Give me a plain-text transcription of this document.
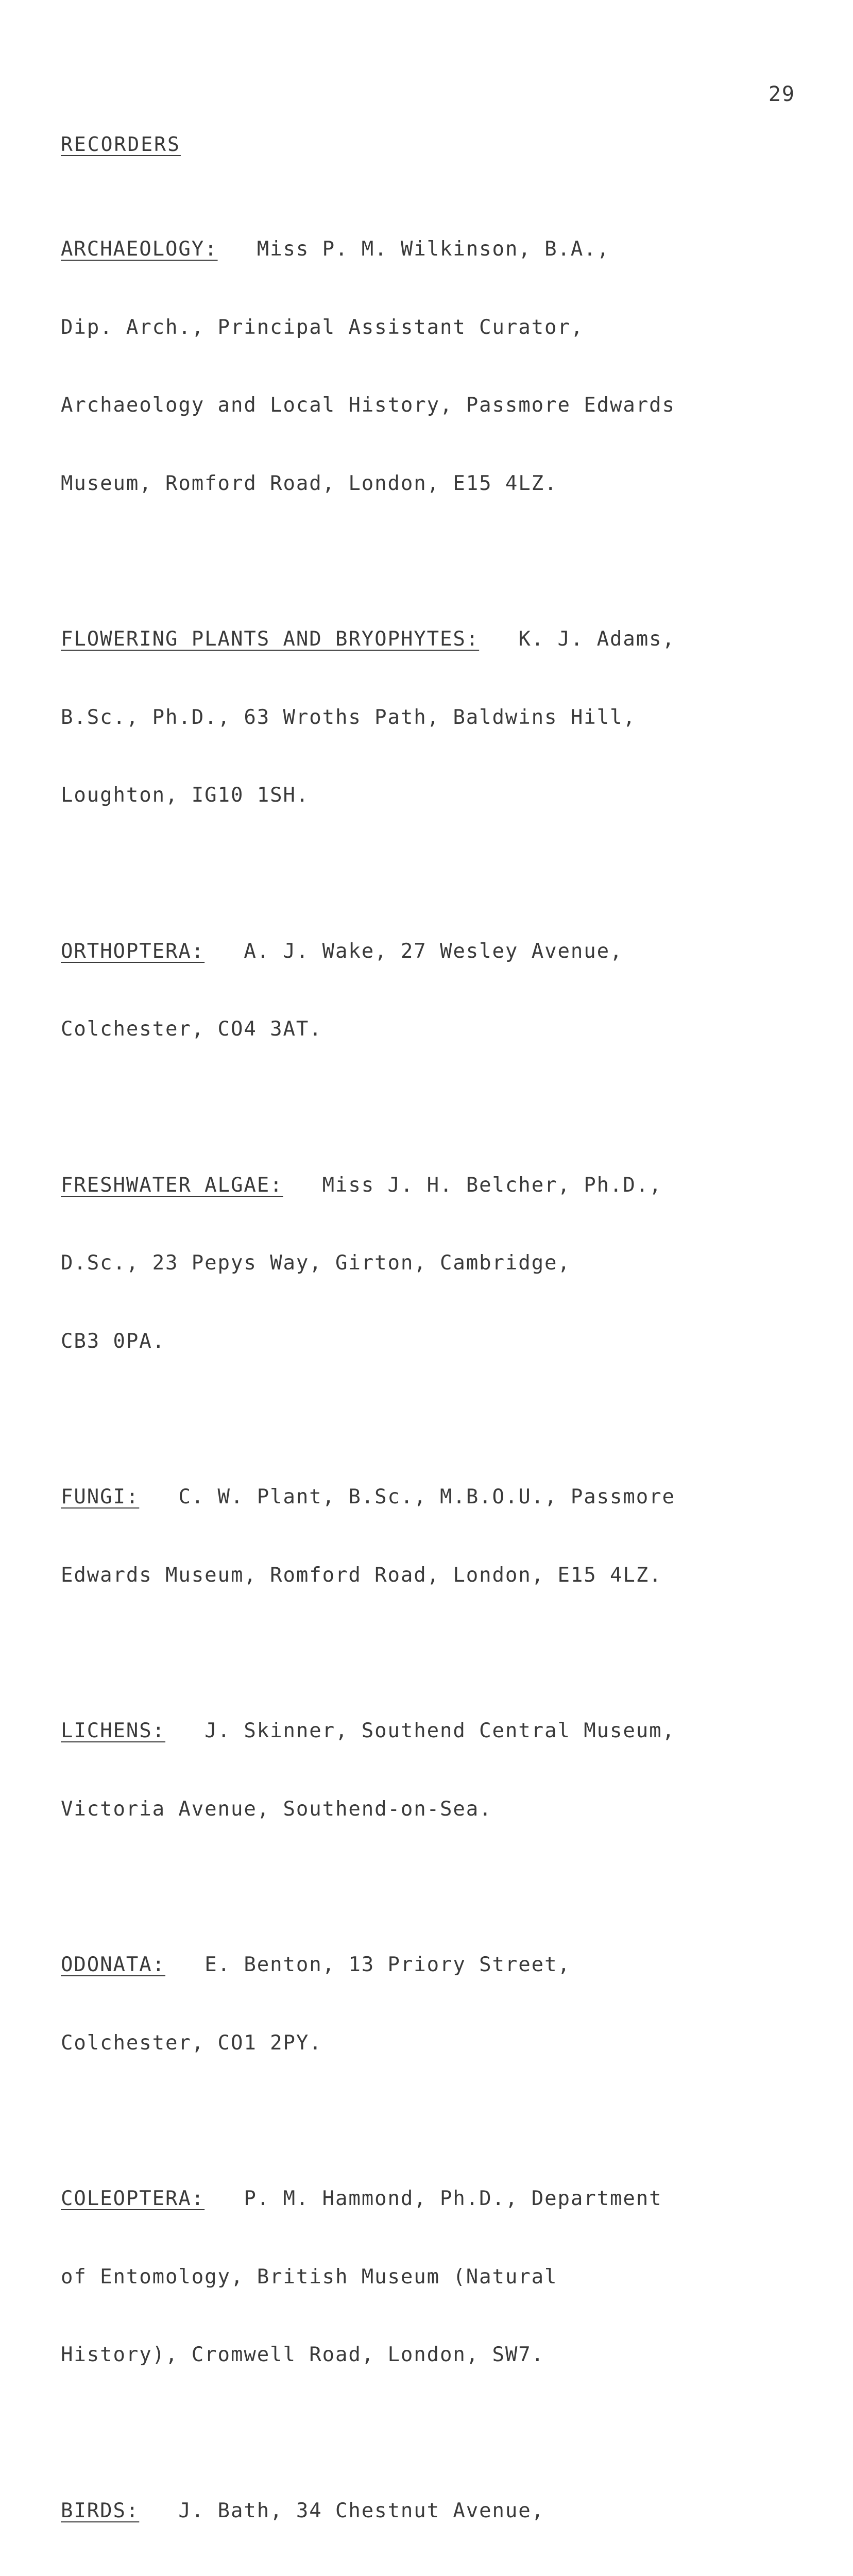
29
RECORDERS

ARCHAEOLOGY: Miss P. M. Wilkinson, B.A.,

Dip. Arch., Principal Assistant Curator,

Archaeology and Local History, Passmore Edwards

Museum, Romford Road, London, E15 4LZ.

FLOWERING PLANTS AND BRYOPHYTES: K. J. Adams,

B.Sc., Ph.D., 63 Wroths Path, Baldwins Hill,

Loughton, IG10 1SH.

ORTHOPTERA: A. J. Wake, 27 Wesley Avenue,

Colchester, CO4 3AT.

FRESHWATER ALGAE: Miss J. H. Belcher, Ph.D.,

D.Sc., 23 Pepys Way, Girton, Cambridge,

CB3 0PA.

FUNGI: C. W. Plant, B.Sc., M.B.O.U., Passmore

Edwards Museum, Romford Road, London, E15 4LZ.

LICHENS: J. Skinner, Southend Central Museum,

Victoria Avenue, Southend-on-Sea.

ODONATA: E. Benton, 13 Priory Street,

Colchester, CO1 2PY.

COLEOPTERA: P. M. Hammond, Ph.D., Department

of Entomology, British Museum (Natural

History), Cromwell Road, London, SW7.

BIRDS: J. Bath, 34 Chestnut Avenue,
